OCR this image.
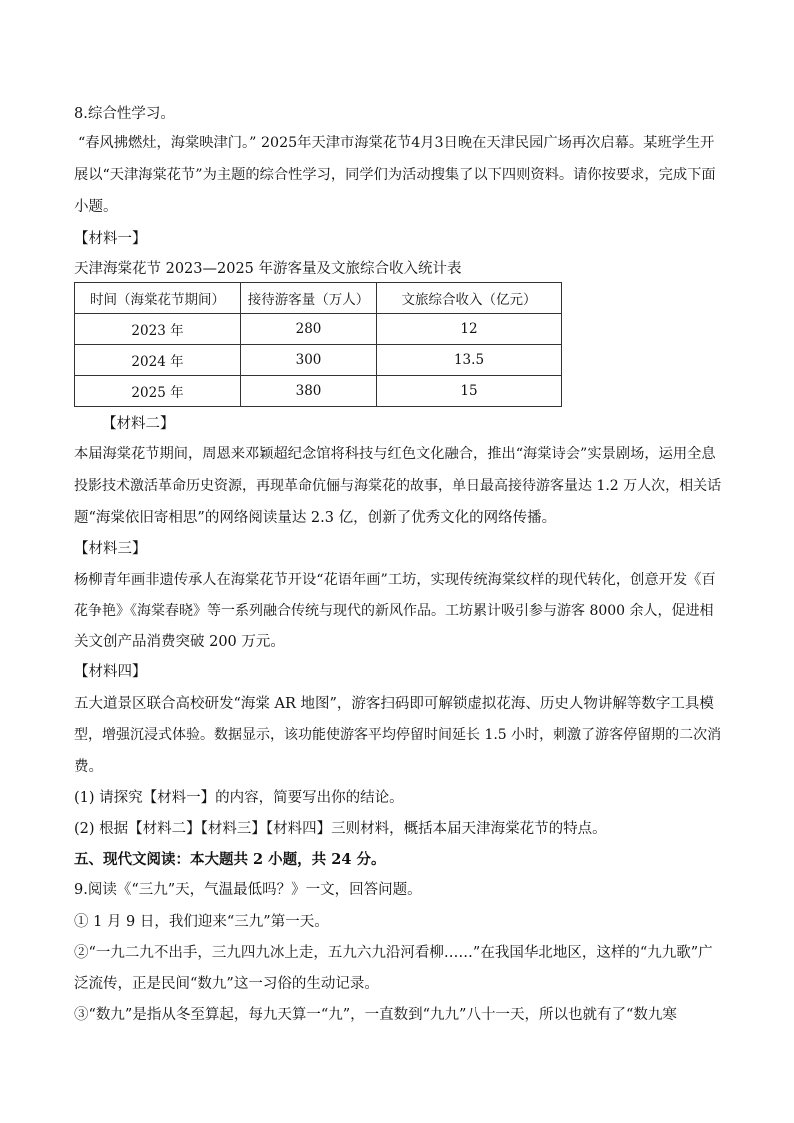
8.综合性学习。
“春风拂燃灶，海棠映津门。” 2025年天津市海棠花节4月3日晚在天津民园广场再次启幕。某班学生开
展以“天津海棠花节”为主题的综合性学习，同学们为活动搜集了以下四则资料。请你按要求，完成下面
小题。
【材料一】
天津海棠花节 2023—2025 年游客量及文旅综合收入统计表
时间（海棠花节期间）	接待游客量（万人）	文旅综合收入（亿元）
2023 年	280	12
2024 年	300	13.5
2025 年	380	15
【材料二】
本届海棠花节期间，周恩来邓颖超纪念馆将科技与红色文化融合，推出“海棠诗会”实景剧场，运用全息
投影技术激活革命历史资源，再现革命伉俪与海棠花的故事，单日最高接待游客量达 1.2 万人次，相关话
题“海棠依旧寄相思”的网络阅读量达 2.3 亿，创新了优秀文化的网络传播。
【材料三】
杨柳青年画非遗传承人在海棠花节开设“花语年画”工坊，实现传统海棠纹样的现代转化，创意开发《百
花争艳》《海棠春晓》等一系列融合传统与现代的新风作品。工坊累计吸引参与游客 8000 余人，促进相
关文创产品消费突破 200 万元。
【材料四】
五大道景区联合高校研发“海棠 AR 地图”，游客扫码即可解锁虚拟花海、历史人物讲解等数字工具模
型，增强沉浸式体验。数据显示，该功能使游客平均停留时间延长 1.5 小时，刺激了游客停留期的二次消
费。
(1) 请探究【材料一】的内容，简要写出你的结论。
(2) 根据【材料二】【材料三】【材料四】三则材料，概括本届天津海棠花节的特点。
五、现代文阅读：本大题共 2 小题，共 24 分。
9.阅读《“三九”天，气温最低吗？》一文，回答问题。
① 1 月 9 日，我们迎来“三九”第一天。
②“一九二九不出手，三九四九冰上走，五九六九沿河看柳……”在我国华北地区，这样的“九九歌”广
泛流传，正是民间“数九”这一习俗的生动记录。
③“数九”是指从冬至算起，每九天算一“九”，一直数到“九九”八十一天，所以也就有了“数九寒
